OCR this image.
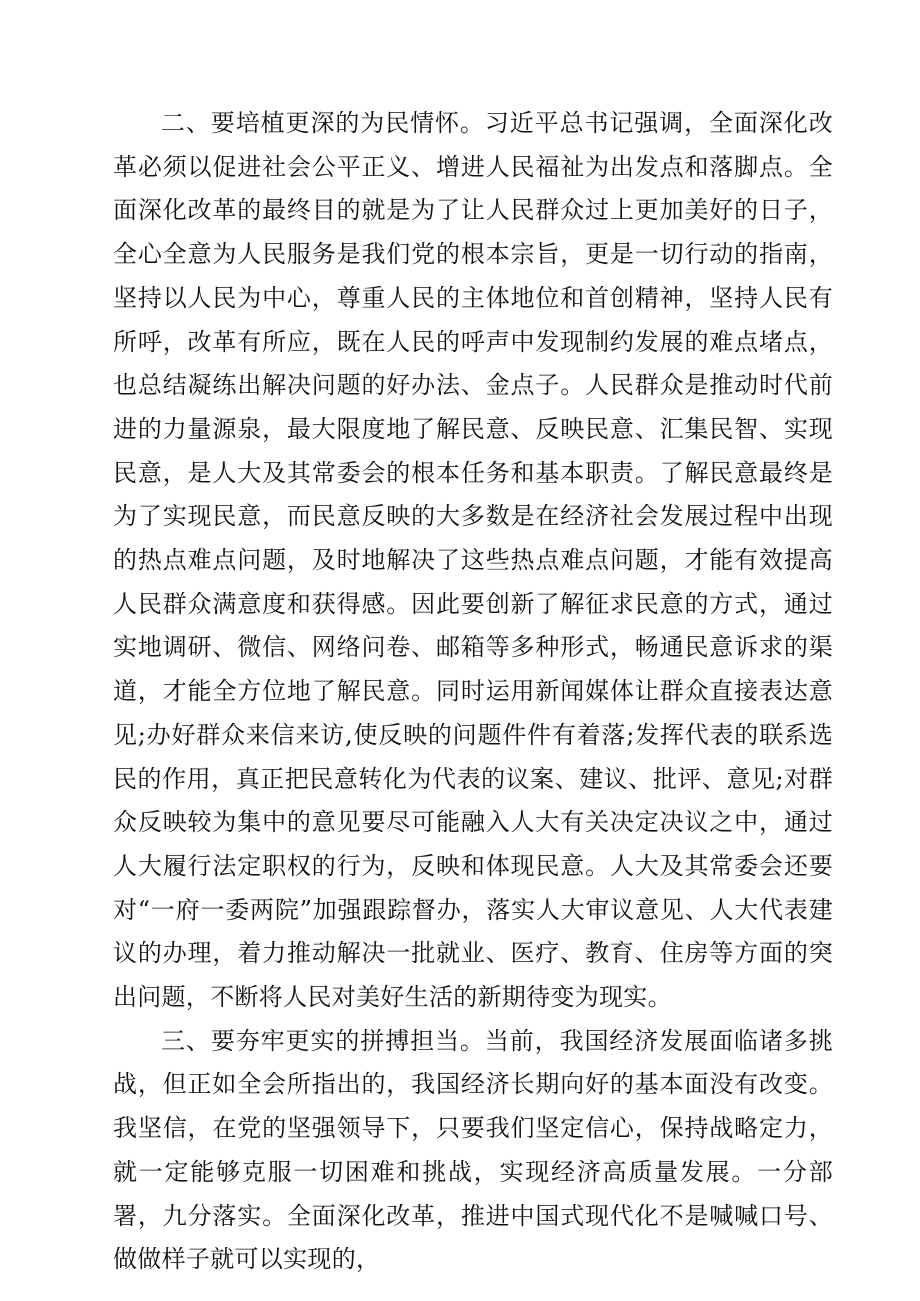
二、要培植更深的为民情怀。习近平总书记强调，全面深化改革必须以促进社会公平正义、增进人民福祉为出发点和落脚点。全面深化改革的最终目的就是为了让人民群众过上更加美好的日子，全心全意为人民服务是我们党的根本宗旨，更是一切行动的指南，坚持以人民为中心，尊重人民的主体地位和首创精神，坚持人民有所呼，改革有所应，既在人民的呼声中发现制约发展的难点堵点，也总结凝练出解决问题的好办法、金点子。人民群众是推动时代前进的力量源泉，最大限度地了解民意、反映民意、汇集民智、实现民意，是人大及其常委会的根本任务和基本职责。了解民意最终是为了实现民意，而民意反映的大多数是在经济社会发展过程中出现的热点难点问题，及时地解决了这些热点难点问题，才能有效提高人民群众满意度和获得感。因此要创新了解征求民意的方式，通过实地调研、微信、网络问卷、邮箱等多种形式，畅通民意诉求的渠道，才能全方位地了解民意。同时运用新闻媒体让群众直接表达意见;办好群众来信来访,使反映的问题件件有着落;发挥代表的联系选民的作用，真正把民意转化为代表的议案、建议、批评、意见;对群众反映较为集中的意见要尽可能融入人大有关决定决议之中，通过人大履行法定职权的行为，反映和体现民意。人大及其常委会还要对“一府一委两院”加强跟踪督办，落实人大审议意见、人大代表建议的办理，着力推动解决一批就业、医疗、教育、住房等方面的突出问题，不断将人民对美好生活的新期待变为现实。

三、要夯牢更实的拼搏担当。当前，我国经济发展面临诸多挑战，但正如全会所指出的，我国经济长期向好的基本面没有改变。我坚信，在党的坚强领导下，只要我们坚定信心，保持战略定力，就一定能够克服一切困难和挑战，实现经济高质量发展。一分部署，九分落实。全面深化改革，推进中国式现代化不是喊喊口号、做做样子就可以实现的，
